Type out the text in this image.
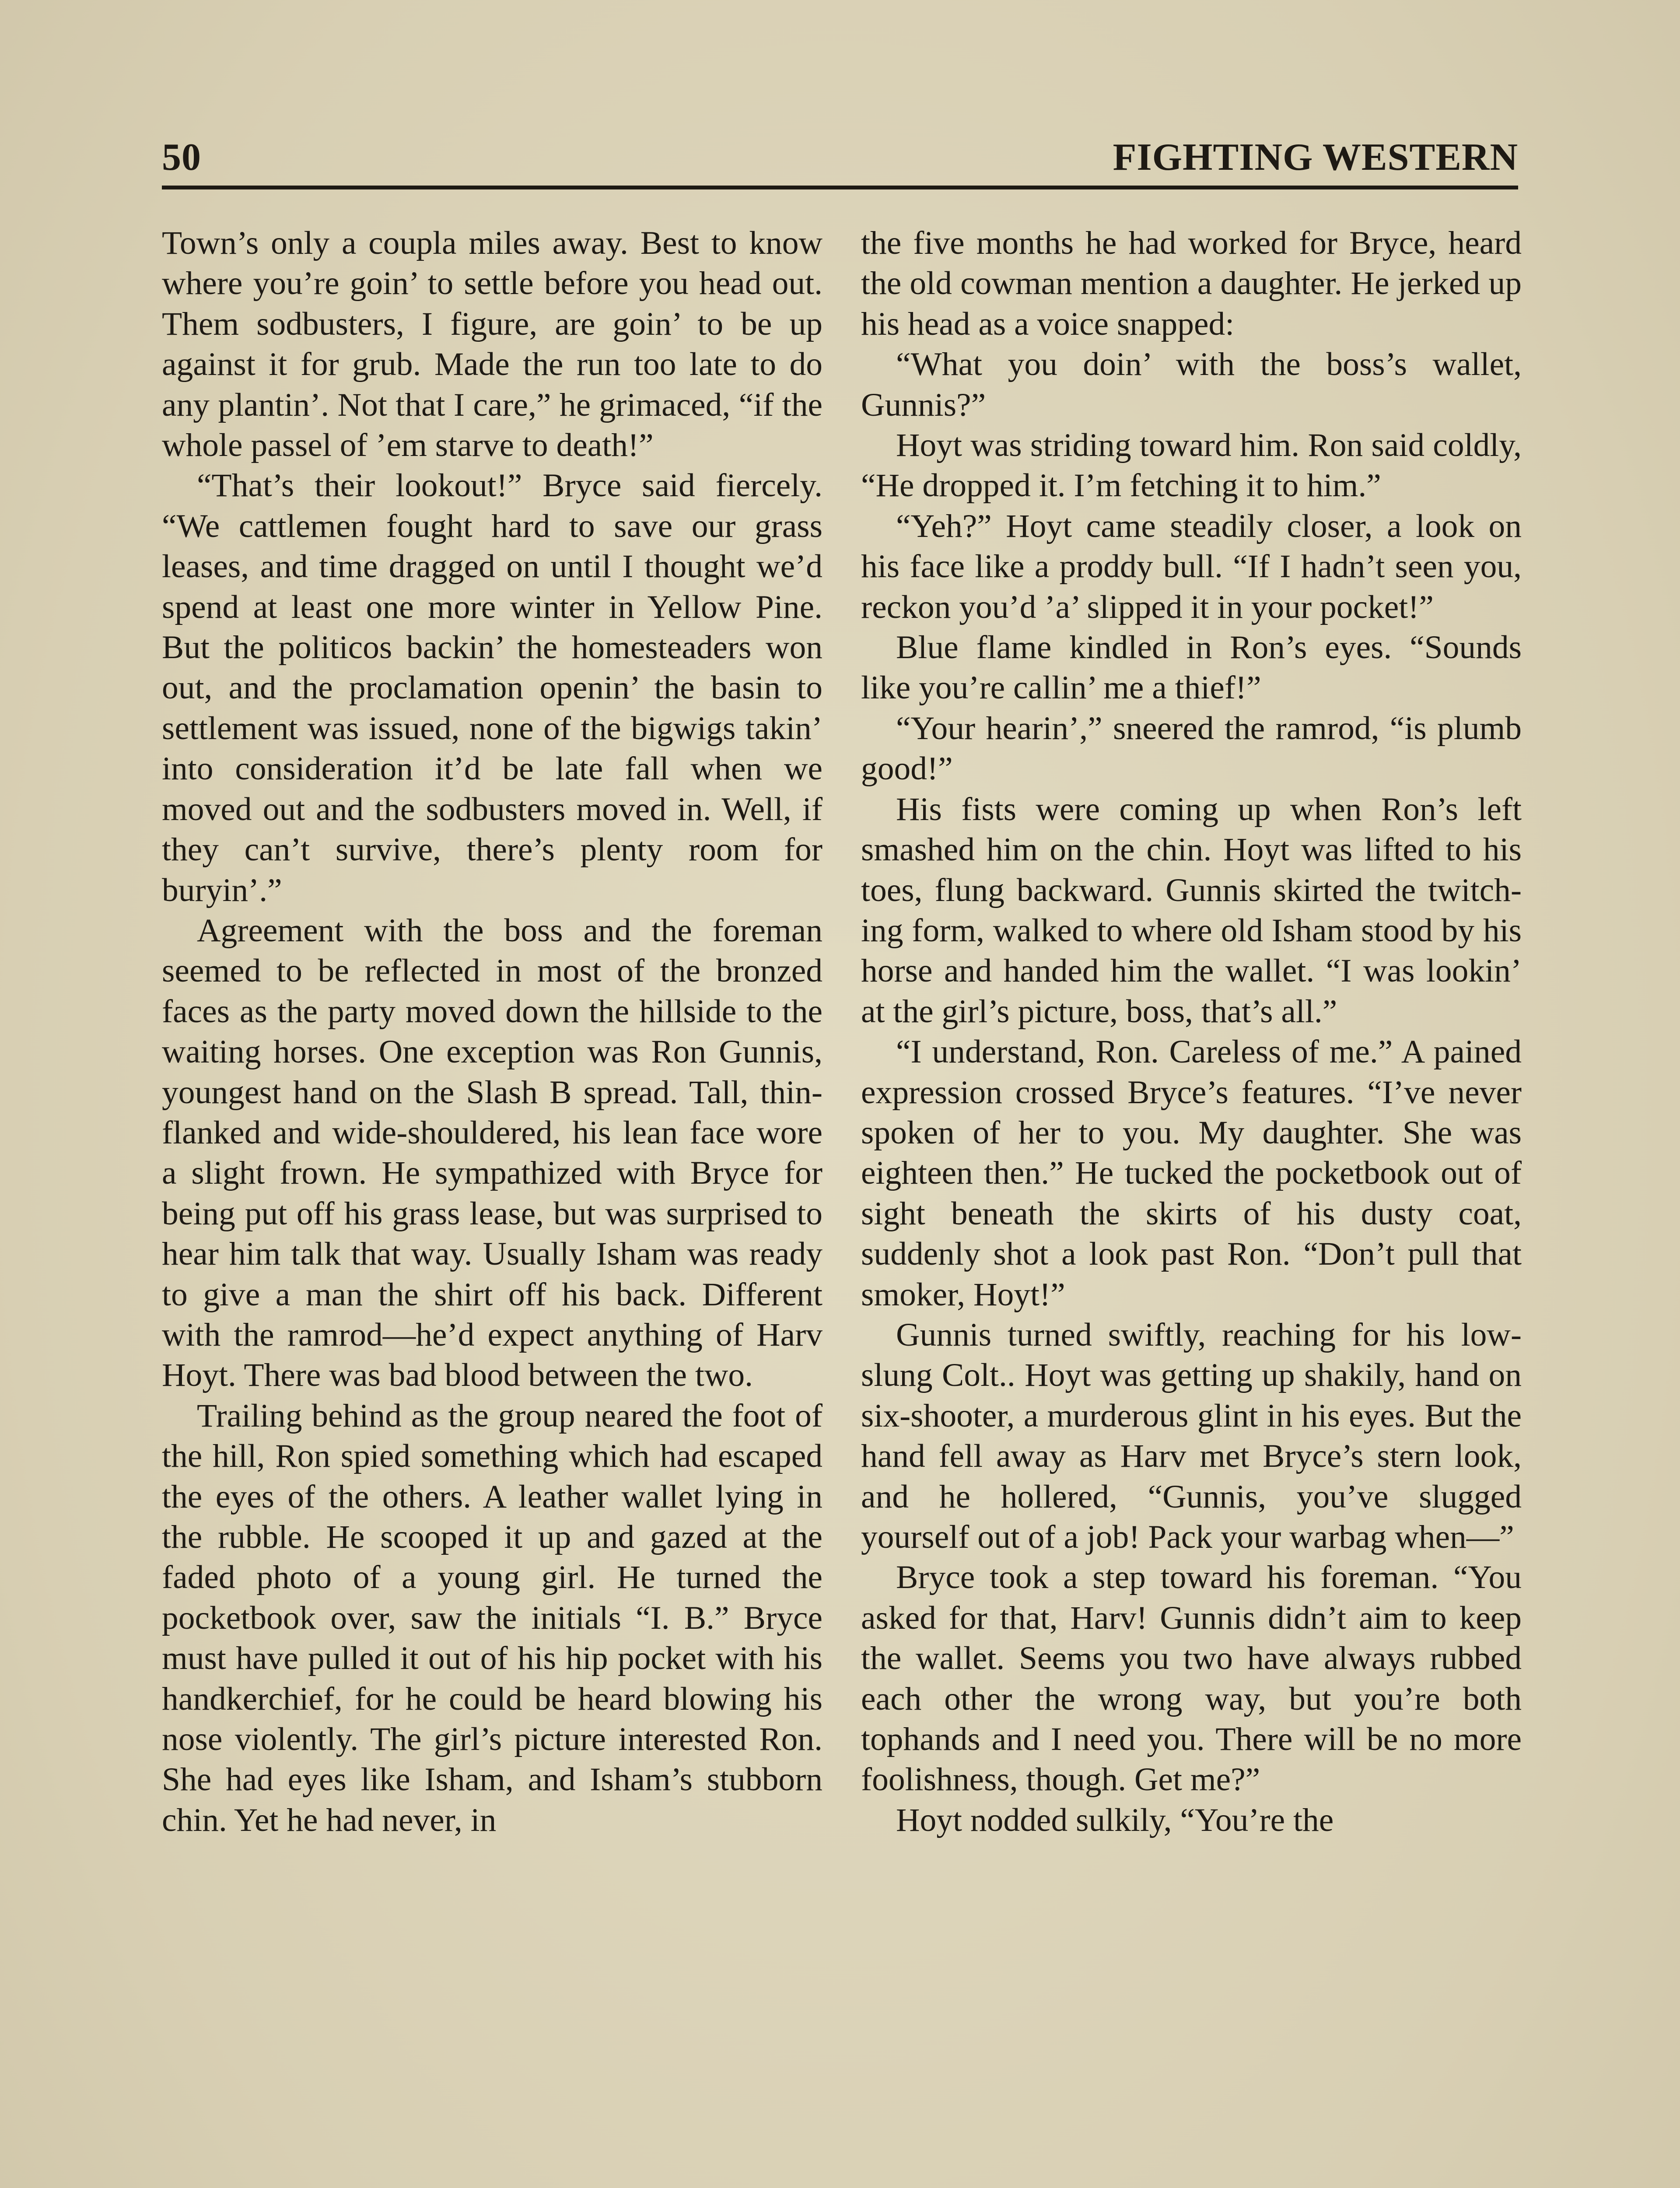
50	FIGHTING WESTERN

Town’s only a coupla miles away. Best to know where you’re goin’ to settle before you head out. Them sodbusters, I figure, are goin’ to be up against it for grub. Made the run too late to do any plantin’. Not that I care,” he grimaced, “if the whole passel of ’em starve to death!”

“That’s their lookout!” Bryce said fiercely. “We cattlemen fought hard to save our grass leases, and time dragged on until I thought we’d spend at least one more winter in Yellow Pine. But the politicos backin’ the homesteaders won out, and the proclamation openin’ the basin to settlement was issued, none of the bigwigs takin’ into consideration it’d be late fall when we moved out and the sodbusters moved in. Well, if they can’t survive, there’s plenty room for buryin’.”

Agreement with the boss and the foreman seemed to be reflected in most of the bronzed faces as the party moved down the hillside to the waiting horses. One exception was Ron Gunnis, youngest hand on the Slash B spread. Tall, thin-flanked and wide-shouldered, his lean face wore a slight frown. He sympathized with Bryce for being put off his grass lease, but was surprised to hear him talk that way. Usually Isham was ready to give a man the shirt off his back. Different with the ramrod—he’d expect anything of Harv Hoyt. There was bad blood between the two.

Trailing behind as the group neared the foot of the hill, Ron spied something which had escaped the eyes of the others. A leather wallet lying in the rubble. He scooped it up and gazed at the faded photo of a young girl. He turned the pocketbook over, saw the initials “I. B.” Bryce must have pulled it out of his hip pocket with his handkerchief, for he could be heard blowing his nose violently. The girl’s picture interested Ron. She had eyes like Isham, and Isham’s stubborn chin. Yet he had never, in

the five months he had worked for Bryce, heard the old cowman mention a daughter. He jerked up his head as a voice snapped:

“What you doin’ with the boss’s wallet, Gunnis?”

Hoyt was striding toward him. Ron said coldly, “He dropped it. I’m fetching it to him.”

“Yeh?” Hoyt came steadily closer, a look on his face like a proddy bull. “If I hadn’t seen you, reckon you’d ’a’ slipped it in your pocket!”

Blue flame kindled in Ron’s eyes. “Sounds like you’re callin’ me a thief!”

“Your hearin’,” sneered the ramrod, “is plumb good!”

His fists were coming up when Ron’s left smashed him on the chin. Hoyt was lifted to his toes, flung backward. Gunnis skirted the twitching form, walked to where old Isham stood by his horse and handed him the wallet. “I was lookin’ at the girl’s picture, boss, that’s all.”

“I understand, Ron. Careless of me.” A pained expression crossed Bryce’s features. “I’ve never spoken of her to you. My daughter. She was eighteen then.” He tucked the pocketbook out of sight beneath the skirts of his dusty coat, suddenly shot a look past Ron. “Don’t pull that smoker, Hoyt!”

Gunnis turned swiftly, reaching for his low-slung Colt.. Hoyt was getting up shakily, hand on six-shooter, a murderous glint in his eyes. But the hand fell away as Harv met Bryce’s stern look, and he hollered, “Gunnis, you’ve slugged yourself out of a job! Pack your warbag when—”

Bryce took a step toward his foreman. “You asked for that, Harv! Gunnis didn’t aim to keep the wallet. Seems you two have always rubbed each other the wrong way, but you’re both tophands and I need you. There will be no more foolishness, though. Get me?”

Hoyt nodded sulkily, “You’re the
